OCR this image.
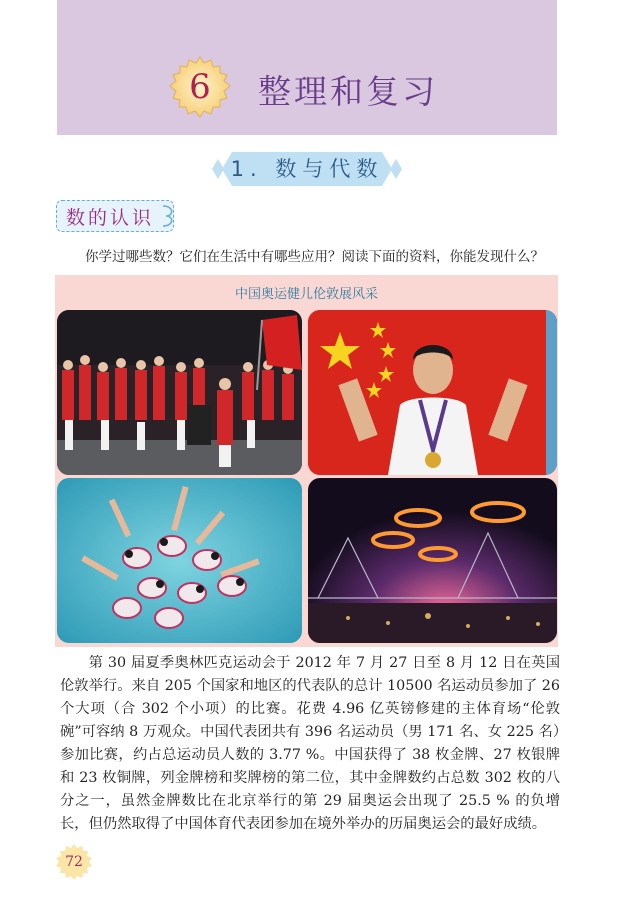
6	整理和复习
1. 数与代数
数的认识
你学过哪些数？它们在生活中有哪些应用？阅读下面的资料，你能发现什么？
中国奥运健儿伦敦展风采

第 30 届夏季奥林匹克运动会于 2012 年 7 月 27 日至 8 月 12 日在英国伦敦举行。来自 205 个国家和地区的代表队的总计 10500 名运动员参加了 26 个大项（合 302 个小项）的比赛。花费 4.96 亿英镑修建的主体育场“伦敦碗”可容纳 8 万观众。中国代表团共有 396 名运动员（男 171 名、女 225 名）参加比赛，约占总运动员人数的 3.77 %。中国获得了 38 枚金牌、27 枚银牌和 23 枚铜牌，列金牌榜和奖牌榜的第二位，其中金牌数约占总数 302 枚的八分之一，虽然金牌数比在北京举行的第 29 届奥运会出现了 25.5 % 的负增长，但仍然取得了中国体育代表团参加在境外举办的历届奥运会的最好成绩。

72
